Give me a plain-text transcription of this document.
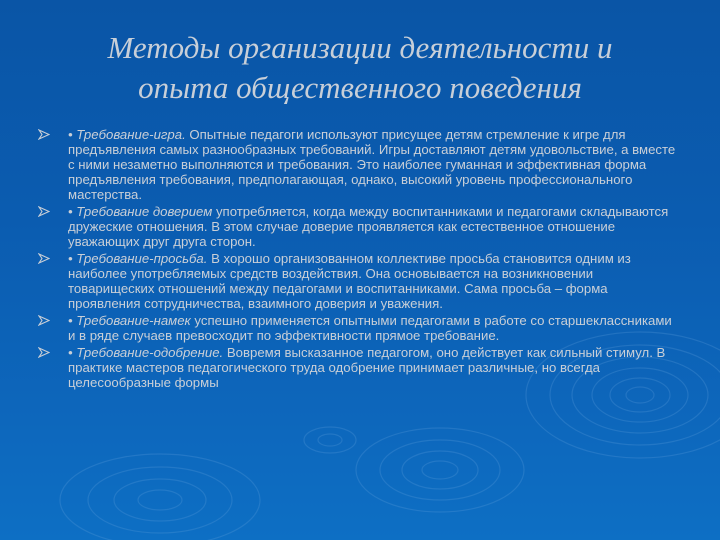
Методы организации деятельности и
опыта общественного поведения
• Требование-игра. Опытные педагоги используют присущее детям стремление к игре для предъявления самых разнообразных требований. Игры доставляют детям удовольствие, а вместе с ними незаметно выполняются и требования. Это наиболее гуманная и эффективная форма предъявления требования, предполагающая, однако, высокий уровень профессионального мастерства.
• Требование доверием употребляется, когда между воспитанниками и педагогами складываются дружеские отношения. В этом случае доверие проявляется как естественное отношение уважающих друг друга сторон.
• Требование-просьба. В хорошо организованном коллективе просьба становится одним из наиболее употребляемых средств воздействия. Она основывается на возникновении товарищеских отношений между педагогами и воспитанниками. Сама просьба – форма проявления сотрудничества, взаимного доверия и уважения.
• Требование-намек успешно применяется опытными педагогами в работе со старшеклассниками и в ряде случаев превосходит по эффективности прямое требование.
• Требование-одобрение. Вовремя высказанное педагогом, оно действует как сильный стимул. В практике мастеров педагогического труда одобрение принимает различные, но всегда целесообразные формы
